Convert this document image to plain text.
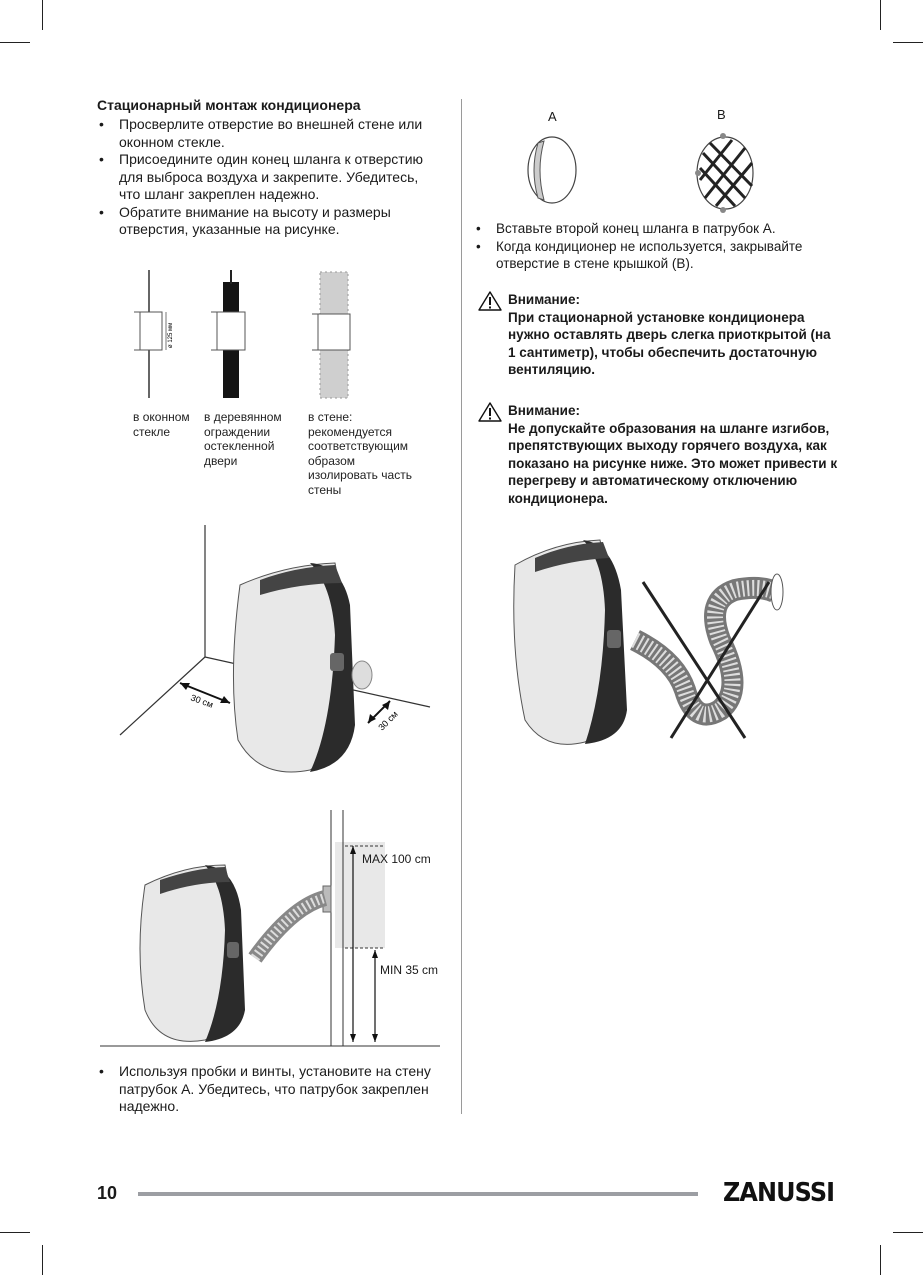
Стационарный монтаж кондиционера
• Просверлите отверстие во внешней стене или оконном стекле.
• Присоедините один конец шланга к отверстию для выброса воздуха и закрепите. Убедитесь, что шланг закреплен надежно.
• Обратите внимание на высоту и размеры отверстия, указанные на рисунке.
ø 125 мм
в оконном стекле
в деревянном ограждении остекленной двери
в стене: рекомендуется соответствующим образом изолировать часть стены
30 см
30 см
MAX 100 cm
MIN 35 cm
• Используя пробки и винты, установите на стену патрубок А. Убедитесь, что патрубок закреплен надежно.
A	B
• Вставьте второй конец шланга в патрубок А.
• Когда кондиционер не используется, закрывайте отверстие в стене крышкой (В).
Внимание:
При стационарной установке кондиционера нужно оставлять дверь слегка приоткрытой (на 1 сантиметр), чтобы обеспечить достаточную вентиляцию.
Внимание:
Не допускайте образования на шланге изгибов, препятствующих выходу горячего воздуха, как показано на рисунке ниже. Это может привести к перегреву и автоматическому отключению кондиционера.
10	ZANUSSI
